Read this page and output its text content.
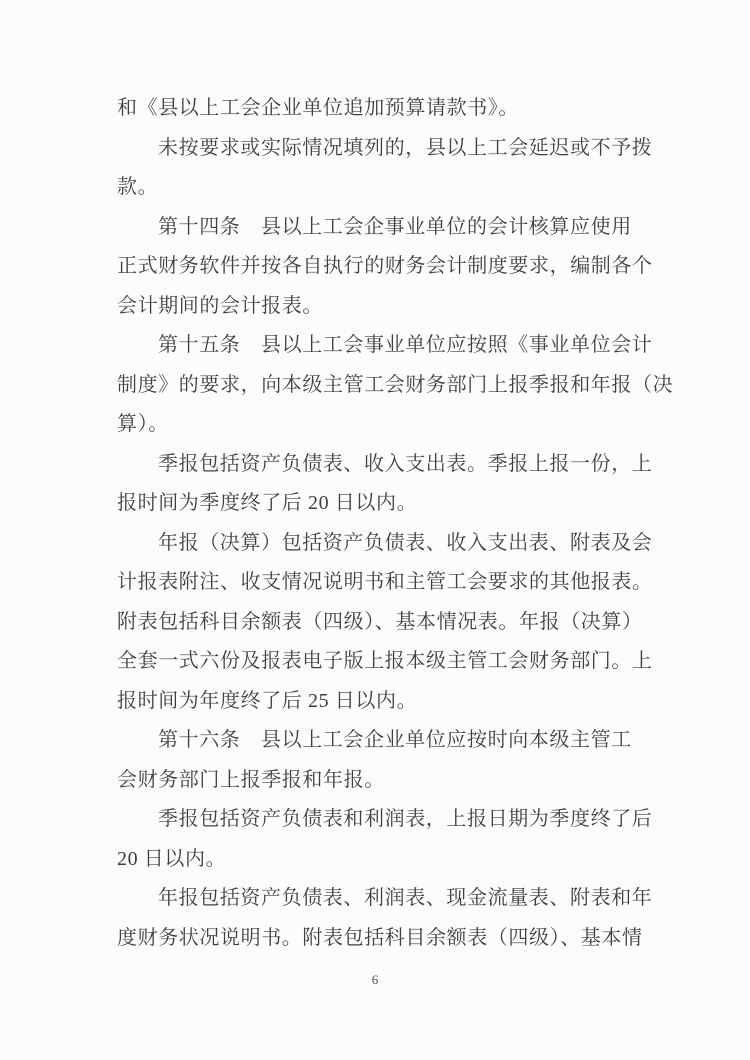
和《县以上工会企业单位追加预算请款书》。
未按要求或实际情况填列的，县以上工会延迟或不予拨
款。
第十四条　县以上工会企事业单位的会计核算应使用
正式财务软件并按各自执行的财务会计制度要求，编制各个
会计期间的会计报表。
第十五条　县以上工会事业单位应按照《事业单位会计
制度》的要求，向本级主管工会财务部门上报季报和年报（决
算）。
季报包括资产负债表、收入支出表。季报上报一份，上
报时间为季度终了后 20 日以内。
年报（决算）包括资产负债表、收入支出表、附表及会
计报表附注、收支情况说明书和主管工会要求的其他报表。
附表包括科目余额表（四级）、基本情况表。年报（决算）
全套一式六份及报表电子版上报本级主管工会财务部门。上
报时间为年度终了后 25 日以内。
第十六条　县以上工会企业单位应按时向本级主管工
会财务部门上报季报和年报。
季报包括资产负债表和利润表，上报日期为季度终了后
20 日以内。
年报包括资产负债表、利润表、现金流量表、附表和年
度财务状况说明书。附表包括科目余额表（四级）、基本情
6
